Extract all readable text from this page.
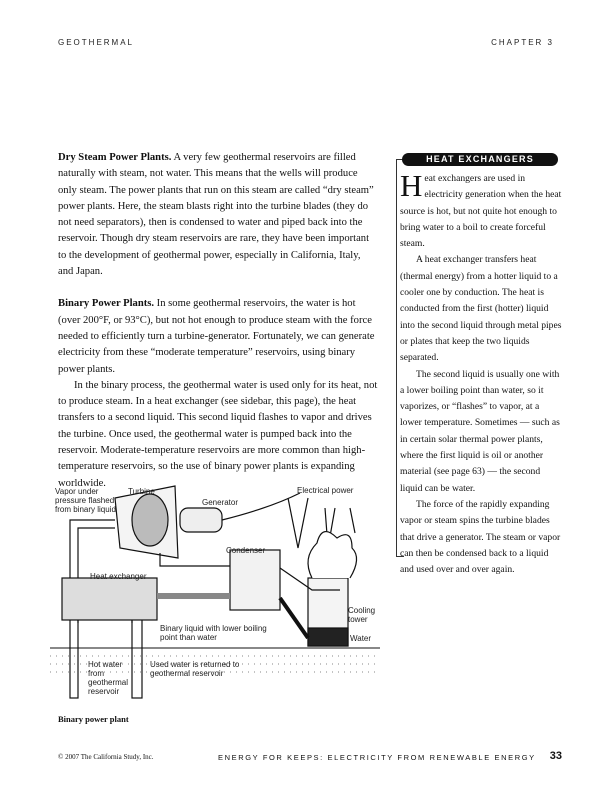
GEOTHERMAL	CHAPTER 3

Dry Steam Power Plants. A very few geothermal reservoirs are filled naturally with steam, not water. This means that the wells will produce only steam. The power plants that run on this steam are called “dry steam” power plants. Here, the steam blasts right into the turbine blades (they do not need separators), then is condensed to water and piped back into the reservoir. Though dry steam reservoirs are rare, they have been important to the development of geothermal power, especially in California, Italy, and Japan.

Binary Power Plants. In some geothermal reservoirs, the water is hot (over 200°F, or 93°C), but not hot enough to produce steam with the force needed to efficiently turn a turbine-generator. Fortunately, we can generate electricity from these “moderate temperature” reservoirs, using binary power plants.

In the binary process, the geothermal water is used only for its heat, not to produce steam. In a heat exchanger (see sidebar, this page), the heat transfers to a second liquid. This second liquid flashes to vapor and drives the turbine. Once used, the geothermal water is pumped back into the reservoir. Moderate-temperature reservoirs are more common than high-temperature reservoirs, so the use of binary power plants is expanding worldwide.

HEAT EXCHANGERS

Heat exchangers are used in electricity generation when the heat source is hot, but not quite hot enough to bring water to a boil to create forceful steam.

A heat exchanger transfers heat (thermal energy) from a hotter liquid to a cooler one by conduction. The heat is conducted from the first (hotter) liquid into the second liquid through metal pipes or plates that keep the two liquids separated.

The second liquid is usually one with a lower boiling point than water, so it vaporizes, or “flashes” to vapor, at a lower temperature. Sometimes — such as in certain solar thermal power plants, where the first liquid is oil or another material (see page 63) — the second liquid can be water.

The force of the rapidly expanding vapor or steam spins the turbine blades that drive a generator. The steam or vapor can then be condensed back to a liquid and used over and over again.

Vapor under pressure flashed from binary liquid
Turbine
Generator
Electrical power
Condenser
Heat exchanger
Cooling tower
Water
Binary liquid with lower boiling point than water
Hot water from geothermal reservoir
Used water is returned to geothermal reservoir
Binary power plant
© 2007 The California Study, Inc.	ENERGY FOR KEEPS: ELECTRICITY FROM RENEWABLE ENERGY 33
